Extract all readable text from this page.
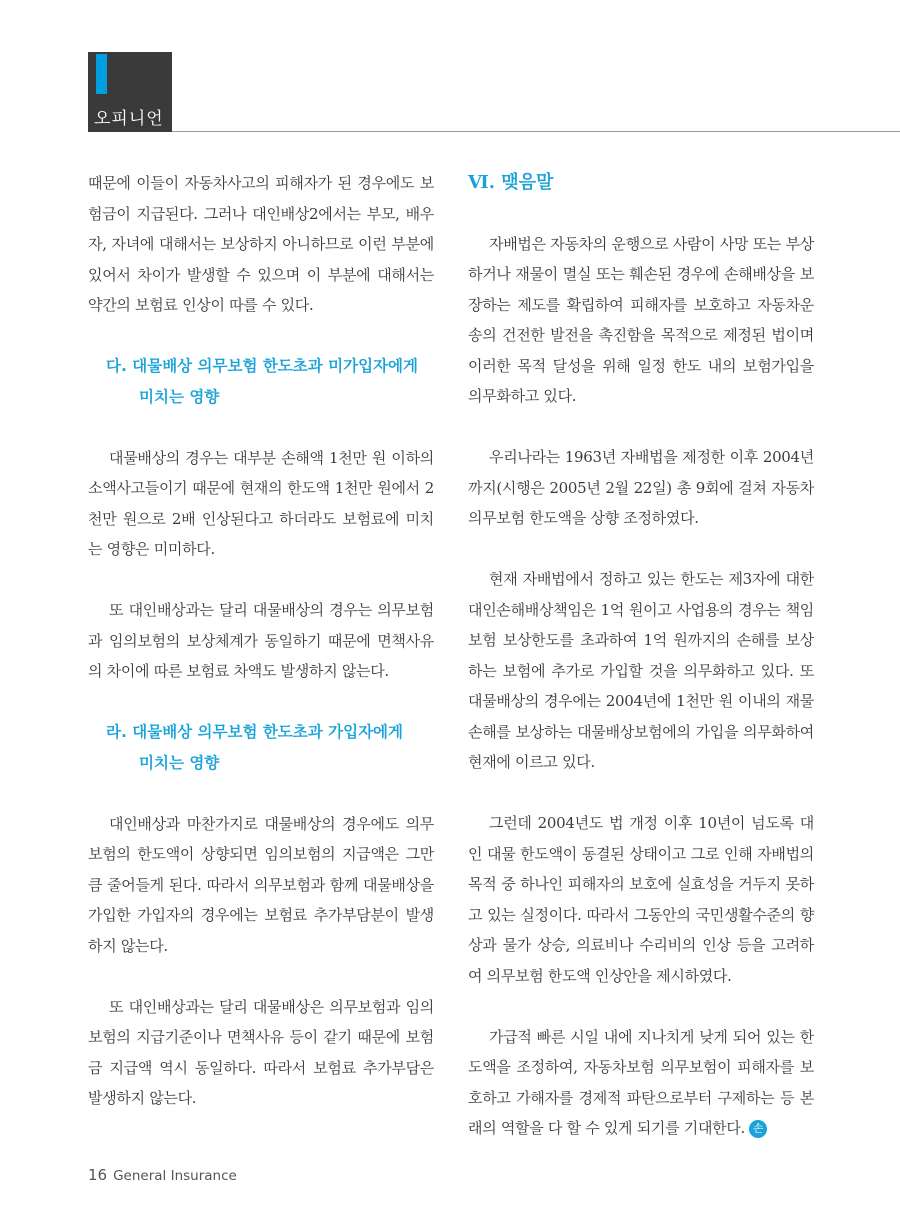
오피니언

때문에 이들이 자동차사고의 피해자가 된 경우에도 보험금이 지급된다. 그러나 대인배상2에서는 부모, 배우자, 자녀에 대해서는 보상하지 아니하므로 이런 부분에 있어서 차이가 발생할 수 있으며 이 부분에 대해서는 약간의 보험료 인상이 따를 수 있다.

다. 대물배상 의무보험 한도초과 미가입자에게
미치는 영향

대물배상의 경우는 대부분 손해액 1천만 원 이하의 소액사고들이기 때문에 현재의 한도액 1천만 원에서 2천만 원으로 2배 인상된다고 하더라도 보험료에 미치는 영향은 미미하다.

또 대인배상과는 달리 대물배상의 경우는 의무보험과 임의보험의 보상체계가 동일하기 때문에 면책사유의 차이에 따른 보험료 차액도 발생하지 않는다.

라. 대물배상 의무보험 한도초과 가입자에게
미치는 영향

대인배상과 마찬가지로 대물배상의 경우에도 의무보험의 한도액이 상향되면 임의보험의 지급액은 그만큼 줄어들게 된다. 따라서 의무보험과 함께 대물배상을 가입한 가입자의 경우에는 보험료 추가부담분이 발생하지 않는다.

또 대인배상과는 달리 대물배상은 의무보험과 임의보험의 지급기준이나 면책사유 등이 같기 때문에 보험금 지급액 역시 동일하다. 따라서 보험료 추가부담은 발생하지 않는다.

Ⅵ. 맺음말

자배법은 자동차의 운행으로 사람이 사망 또는 부상하거나 재물이 멸실 또는 훼손된 경우에 손해배상을 보장하는 제도를 확립하여 피해자를 보호하고 자동차운송의 건전한 발전을 촉진함을 목적으로 제정된 법이며 이러한 목적 달성을 위해 일정 한도 내의 보험가입을 의무화하고 있다.

우리나라는 1963년 자배법을 제정한 이후 2004년까지(시행은 2005년 2월 22일) 총 9회에 걸쳐 자동차 의무보험 한도액을 상향 조정하였다.

현재 자배법에서 정하고 있는 한도는 제3자에 대한 대인손해배상책임은 1억 원이고 사업용의 경우는 책임보험 보상한도를 초과하여 1억 원까지의 손해를 보상하는 보험에 추가로 가입할 것을 의무화하고 있다. 또 대물배상의 경우에는 2004년에 1천만 원 이내의 재물손해를 보상하는 대물배상보험에의 가입을 의무화하여 현재에 이르고 있다.

그런데 2004년도 법 개정 이후 10년이 넘도록 대인 대물 한도액이 동결된 상태이고 그로 인해 자배법의 목적 중 하나인 피해자의 보호에 실효성을 거두지 못하고 있는 실정이다. 따라서 그동안의 국민생활수준의 향상과 물가 상승, 의료비나 수리비의 인상 등을 고려하여 의무보험 한도액 인상안을 제시하였다.

가급적 빠른 시일 내에 지나치게 낮게 되어 있는 한도액을 조정하여, 자동차보험 의무보험이 피해자를 보호하고 가해자를 경제적 파탄으로부터 구제하는 등 본래의 역할을 다 할 수 있게 되기를 기대한다. 손

16 General Insurance
